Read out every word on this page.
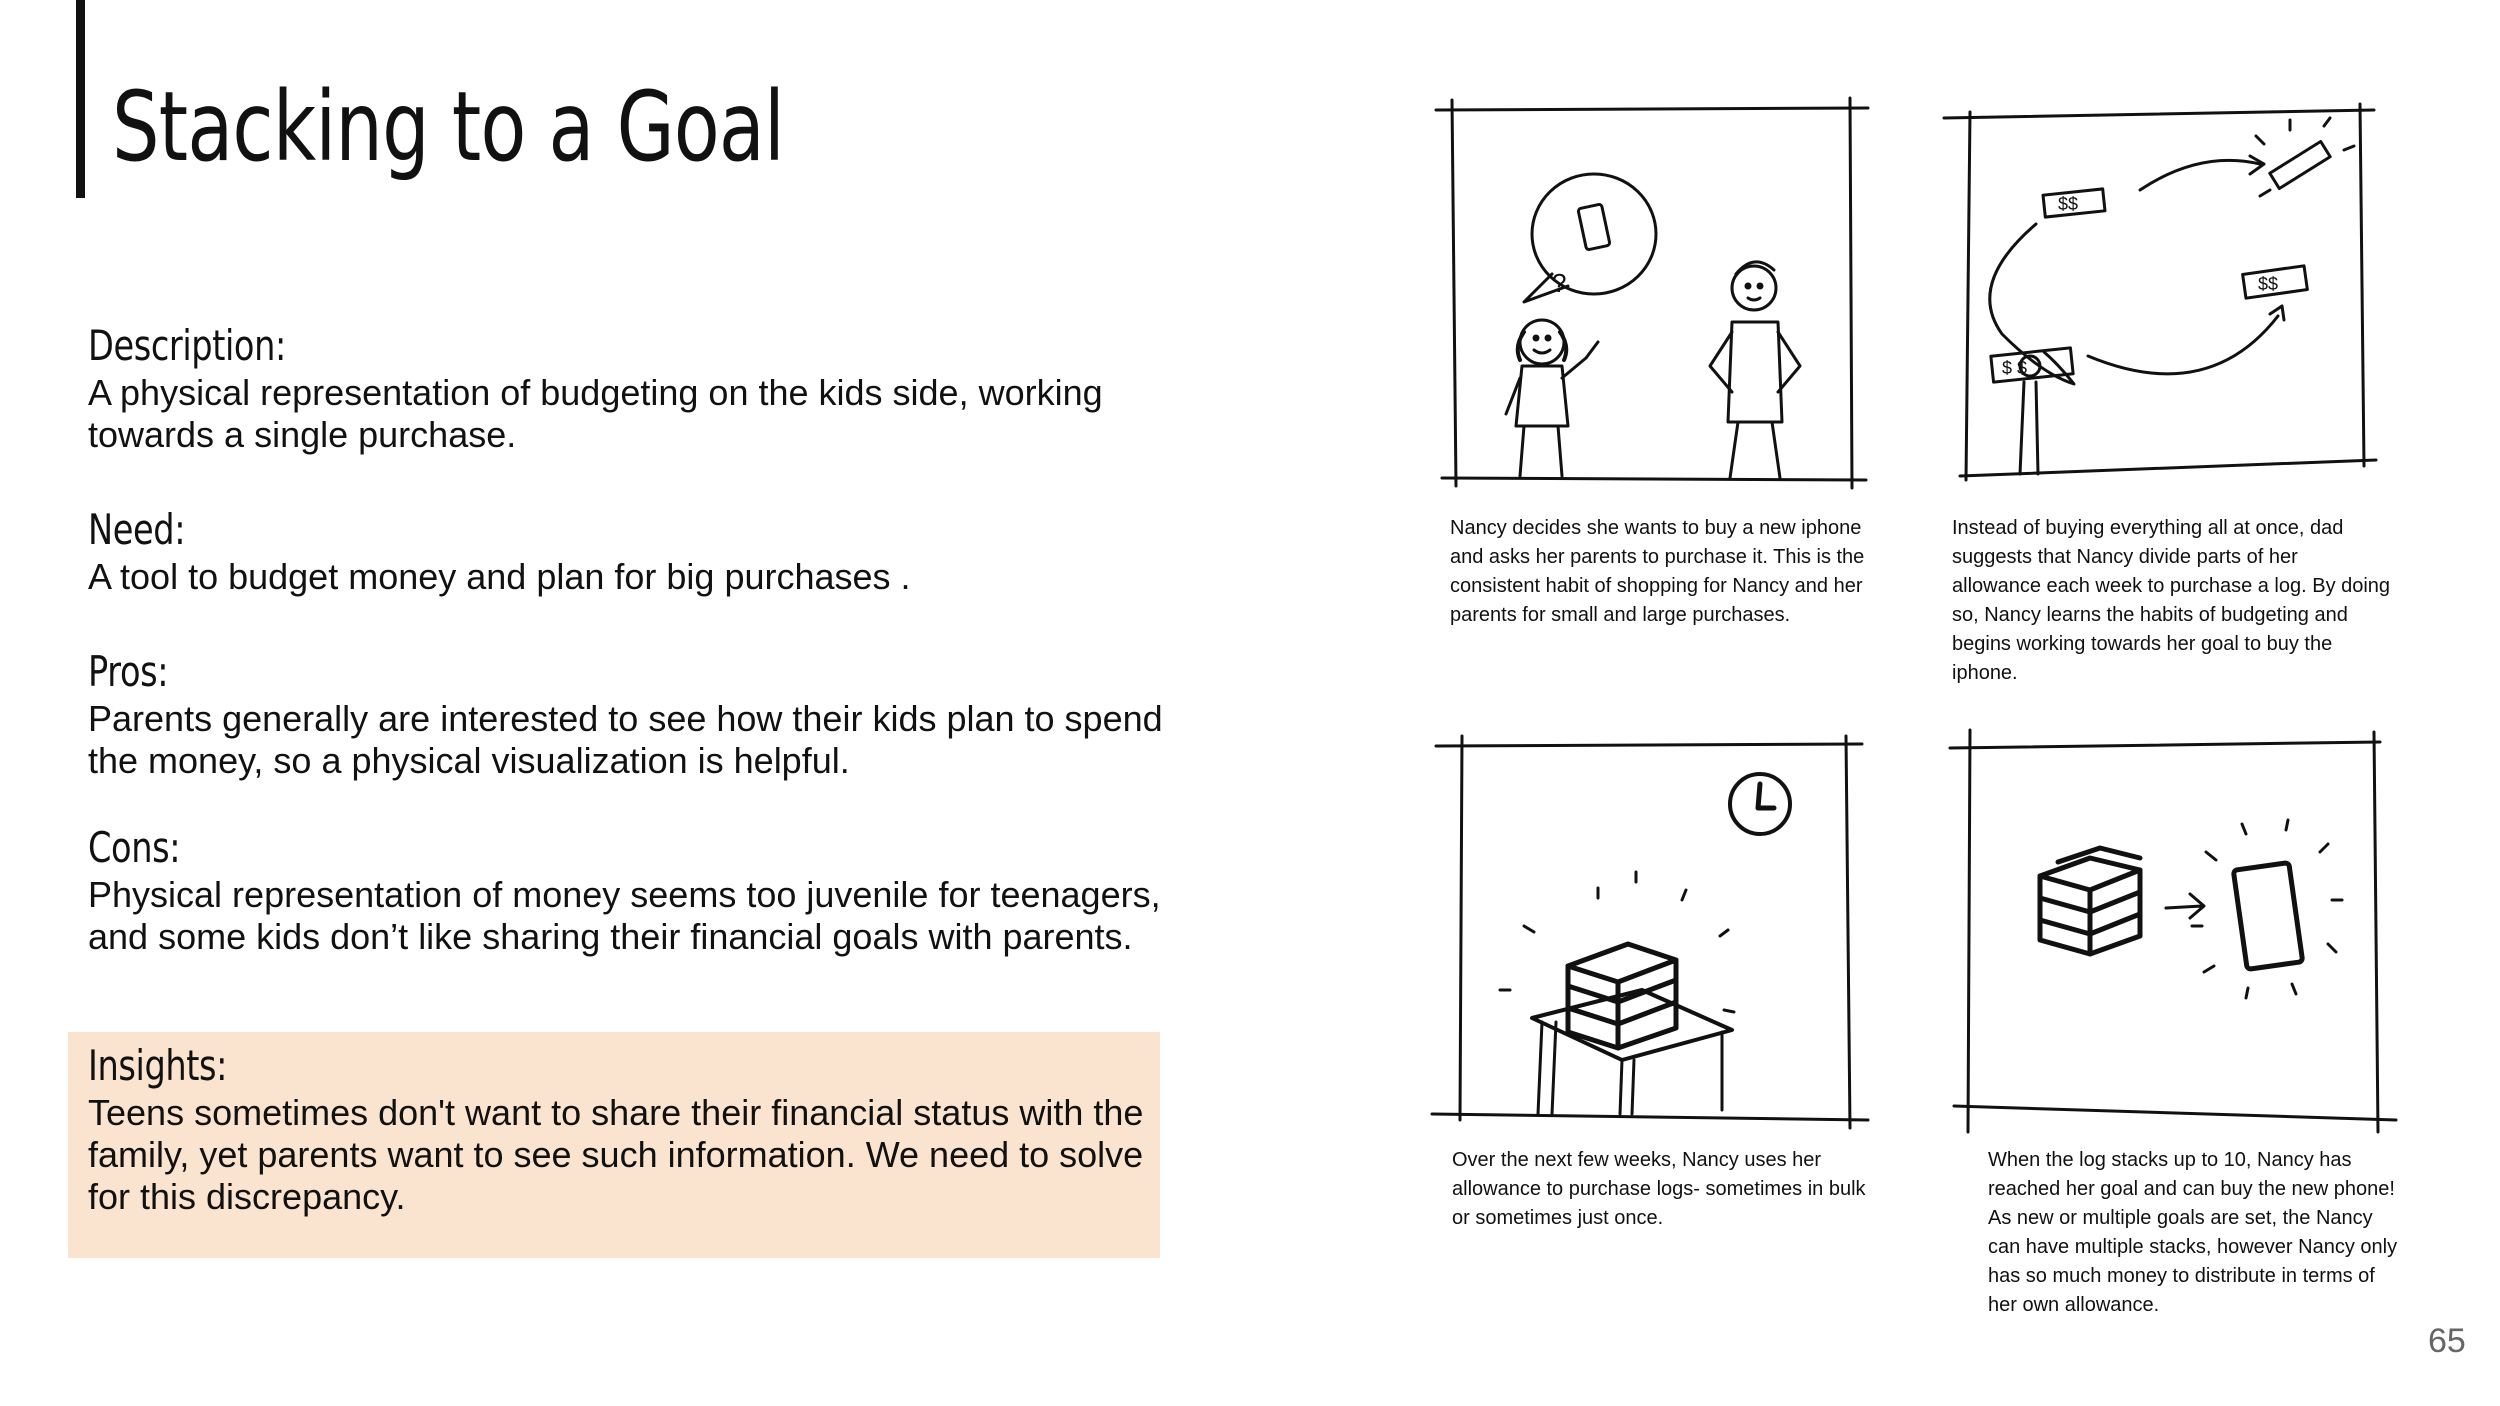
Stacking to a Goal
Description:
A physical representation of budgeting on the kids side, working towards a single purchase.
Need:
A tool to budget money and plan for big purchases .
Pros:
Parents generally are interested to see how their kids plan to spend the money, so a physical visualization is helpful.
Cons:
Physical representation of money seems too juvenile for teenagers, and some kids don’t like sharing their financial goals with parents.
Insights:
Teens sometimes don't want to share their financial status with the family, yet parents want to see such information. We need to solve for this discrepancy.
?
Nancy decides she wants to buy a new iphone and asks her parents to purchase it. This is the consistent habit of shopping for Nancy and her parents for small and large purchases.
$$
$$
$ $
Instead of buying everything all at once, dad suggests that Nancy divide parts of her allowance each week to purchase a log. By doing so, Nancy learns the habits of budgeting and begins working towards her goal to buy the iphone.
Over the next few weeks, Nancy uses her allowance to purchase logs- sometimes in bulk or sometimes just once.
When the log stacks up to 10, Nancy has reached her goal and can buy the new phone! As new or multiple goals are set, the Nancy can have multiple stacks, however Nancy only has so much money to distribute in terms of her own allowance.
65
